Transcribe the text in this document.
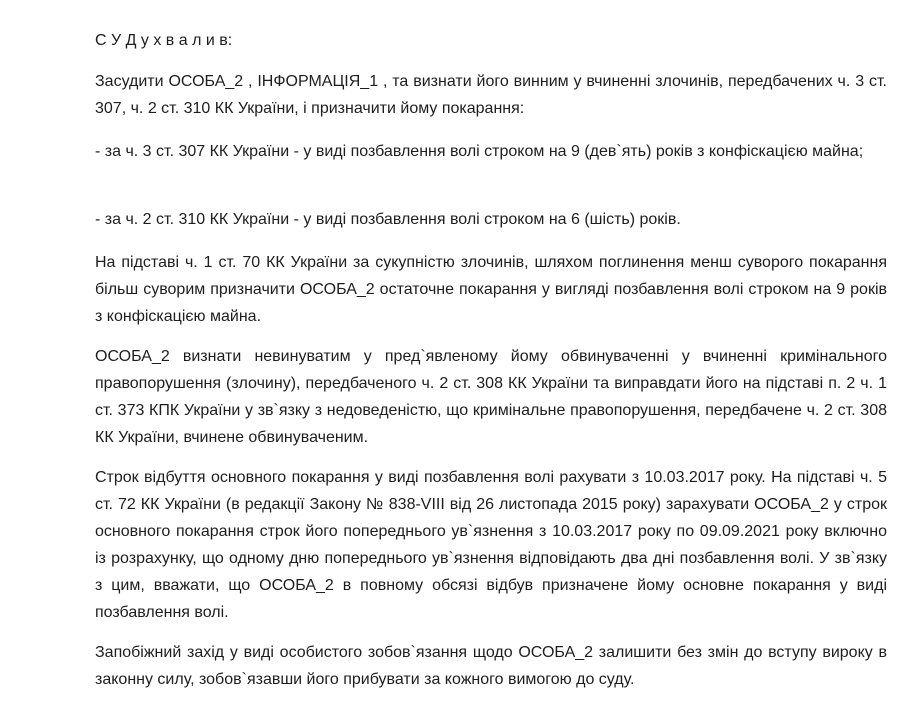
С У Д у х в а л и в:

Засудити ОСОБА_2 , ІНФОРМАЦІЯ_1 , та визнати його винним у вчиненні злочинів, передбачених ч. 3 ст. 307, ч. 2 ст. 310 КК України, і призначити йому покарання:

- за ч. 3 ст. 307 КК України - у виді позбавлення волі строком на 9 (дев`ять) років з конфіскацією майна;

- за ч. 2 ст. 310 КК України - у виді позбавлення волі строком на 6 (шість) років.

На підставі ч. 1 ст. 70 КК України за сукупністю злочинів, шляхом поглинення менш суворого покарання більш суворим призначити ОСОБА_2 остаточне покарання у вигляді позбавлення волі строком на 9 років з конфіскацією майна.

ОСОБА_2 визнати невинуватим у пред`явленому йому обвинуваченні у вчиненні кримінального правопорушення (злочину), передбаченого ч. 2 ст. 308 КК України та виправдати його на підставі п. 2 ч. 1 ст. 373 КПК України у зв`язку з недоведеністю, що кримінальне правопорушення, передбачене ч. 2 ст. 308 КК України, вчинене обвинуваченим.

Строк відбуття основного покарання у виді позбавлення волі рахувати з 10.03.2017 року. На підставі ч. 5 ст. 72 КК України (в редакції Закону № 838-VIII від 26 листопада 2015 року) зарахувати ОСОБА_2 у строк основного покарання строк його попереднього ув`язнення з 10.03.2017 року по 09.09.2021 року включно із розрахунку, що одному дню попереднього ув`язнення відповідають два дні позбавлення волі. У зв`язку з цим, вважати, що ОСОБА_2 в повному обсязі відбув призначене йому основне покарання у виді позбавлення волі.

Запобіжний захід у виді особистого зобов`язання щодо ОСОБА_2 залишити без змін до вступу вироку в законну силу, зобов`язавши його прибувати за кожного вимогою до суду.
